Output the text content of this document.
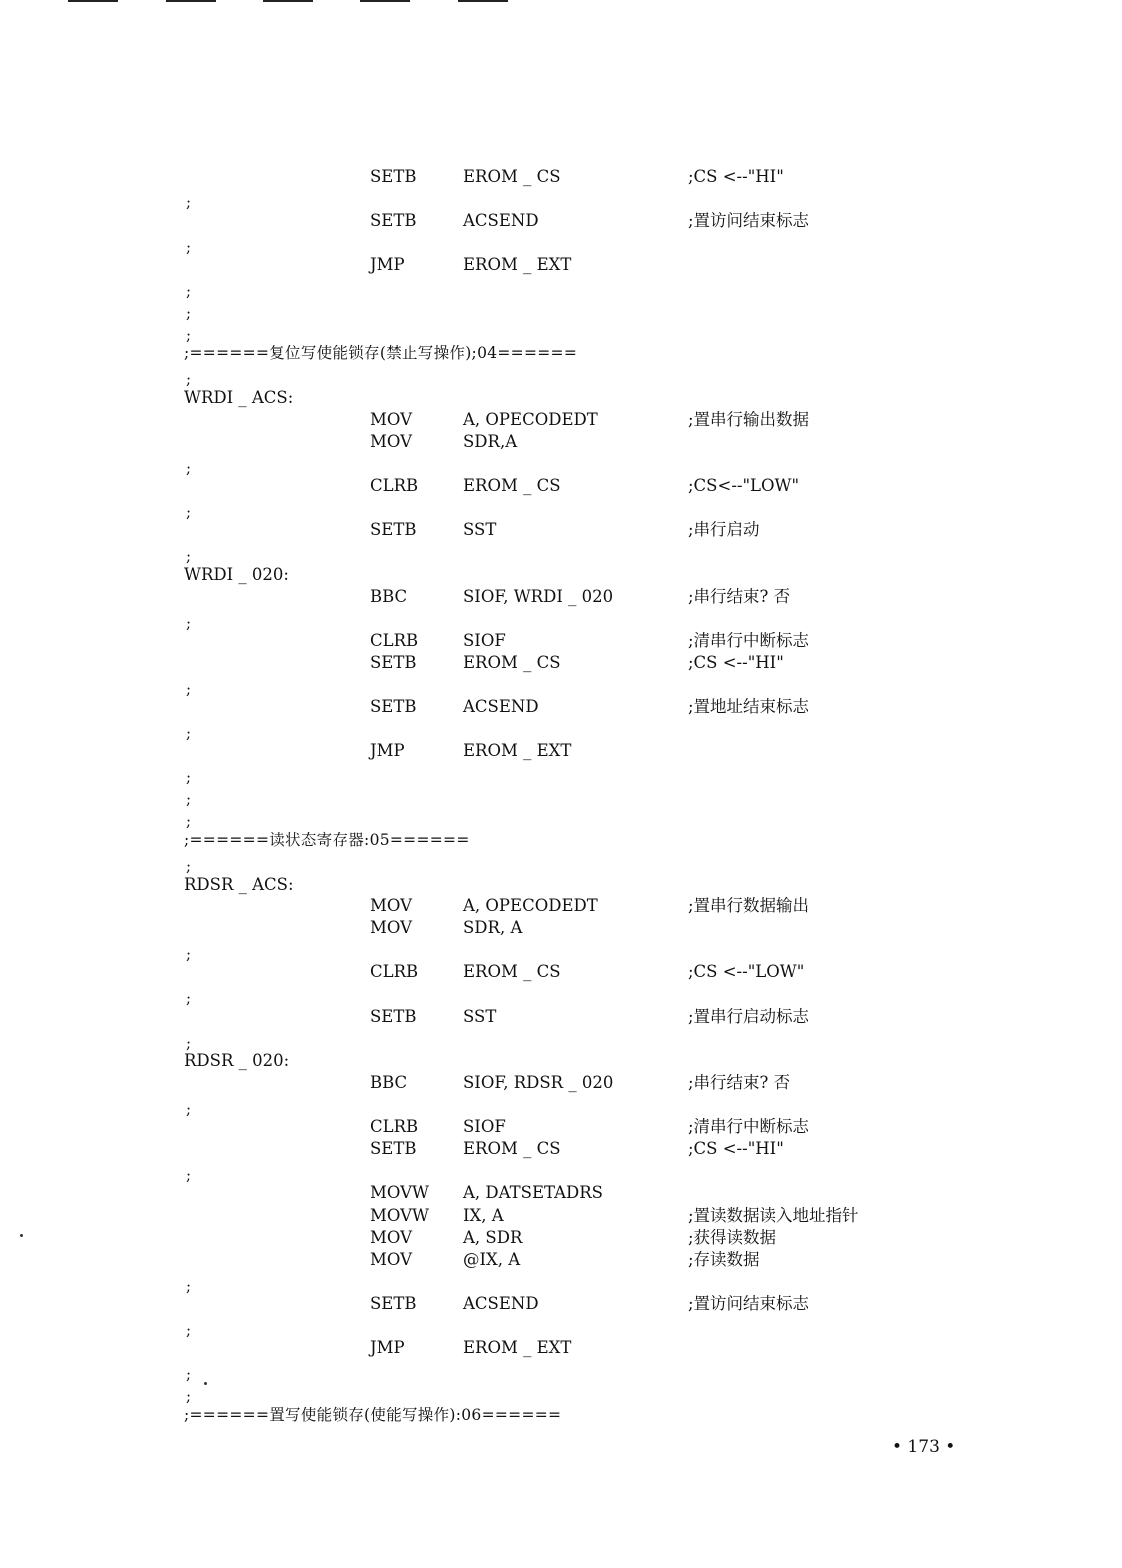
SETB	EROM _ CS	;CS <--"HI"
;
SETB	ACSEND	;置访问结束标志
;
JMP	EROM _ EXT
;
;
;
;======复位写使能锁存(禁止写操作);04======
;
WRDI _ ACS:
MOV	A, OPECODEDT	;置串行输出数据
MOV	SDR,A
;
CLRB	EROM _ CS	;CS<--"LOW"
;
SETB	SST	;串行启动
;
WRDI _ 020:
BBC	SIOF, WRDI _ 020	;串行结束? 否
;
CLRB	SIOF	;清串行中断标志
SETB	EROM _ CS	;CS <--"HI"
;
SETB	ACSEND	;置地址结束标志
;
JMP	EROM _ EXT
;
;
;
;======读状态寄存器:05======
;
RDSR _ ACS:
MOV	A, OPECODEDT	;置串行数据输出
MOV	SDR, A
;
CLRB	EROM _ CS	;CS <--"LOW"
;
SETB	SST	;置串行启动标志
;
RDSR _ 020:
BBC	SIOF, RDSR _ 020	;串行结束? 否
;
CLRB	SIOF	;清串行中断标志
SETB	EROM _ CS	;CS <--"HI"
;
MOVW A, DATSETADRS
MOVW IX, A	;置读数据读入地址指针
MOV	A, SDR	;获得读数据
MOV	@IX, A	;存读数据
;
SETB	ACSEND	;置访问结束标志
;
JMP	EROM _ EXT
;
;
;======置写使能锁存(使能写操作):06======
• 173 •
